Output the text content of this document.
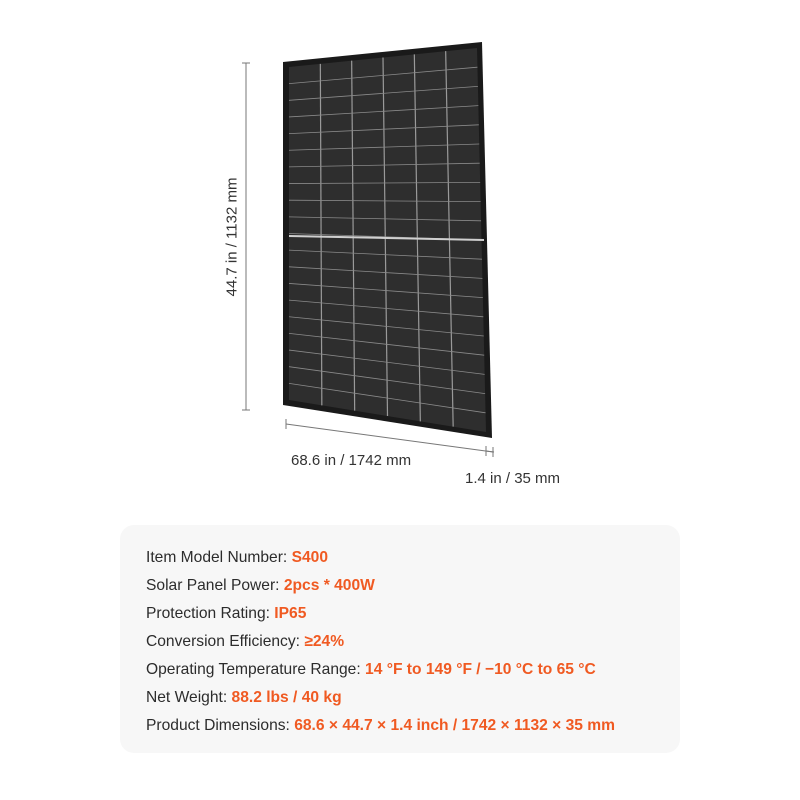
44.7 in / 1132 mm
68.6 in / 1742 mm
1.4 in / 35 mm
Item Model Number: S400
Solar Panel Power: 2pcs * 400W
Protection Rating: IP65
Conversion Efficiency: ≥24%
Operating Temperature Range: 14 °F to 149 °F / −10 °C to 65 °C
Net Weight: 88.2 lbs / 40 kg
Product Dimensions: 68.6 × 44.7 × 1.4 inch / 1742 × 1132 × 35 mm
